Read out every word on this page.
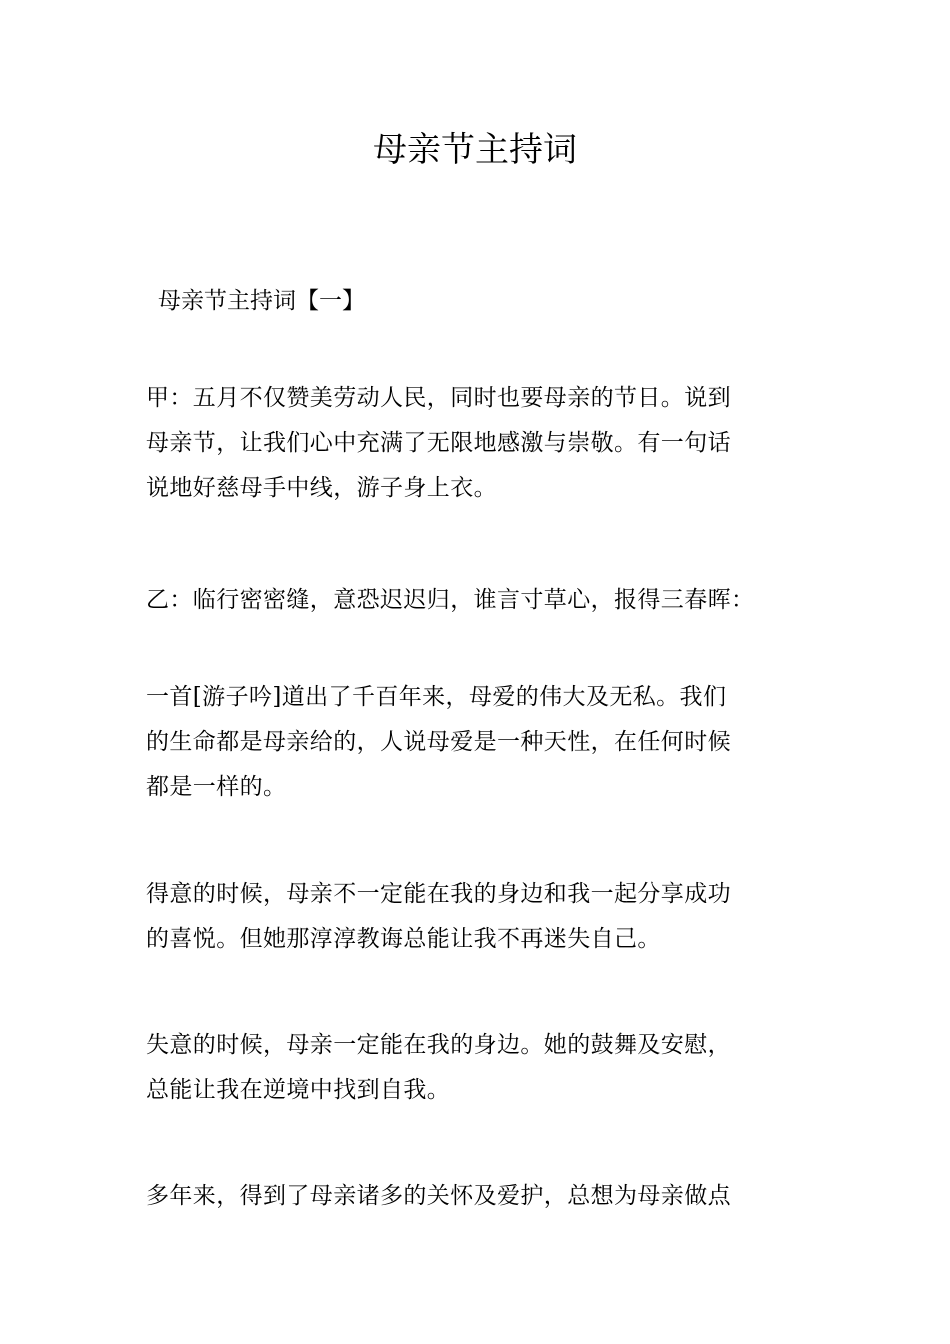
母亲节主持词

母亲节主持词【一】

甲：五月不仅赞美劳动人民，同时也要母亲的节日。说到
母亲节，让我们心中充满了无限地感激与崇敬。有一句话
说地好慈母手中线，游子身上衣。

乙：临行密密缝，意恐迟迟归，谁言寸草心，报得三春晖：

一首[游子吟]道出了千百年来，母爱的伟大及无私。我们
的生命都是母亲给的，人说母爱是一种天性，在任何时候
都是一样的。

得意的时候，母亲不一定能在我的身边和我一起分享成功
的喜悦。但她那淳淳教诲总能让我不再迷失自己。

失意的时候，母亲一定能在我的身边。她的鼓舞及安慰，
总能让我在逆境中找到自我。

多年来，得到了母亲诸多的关怀及爱护，总想为母亲做点
